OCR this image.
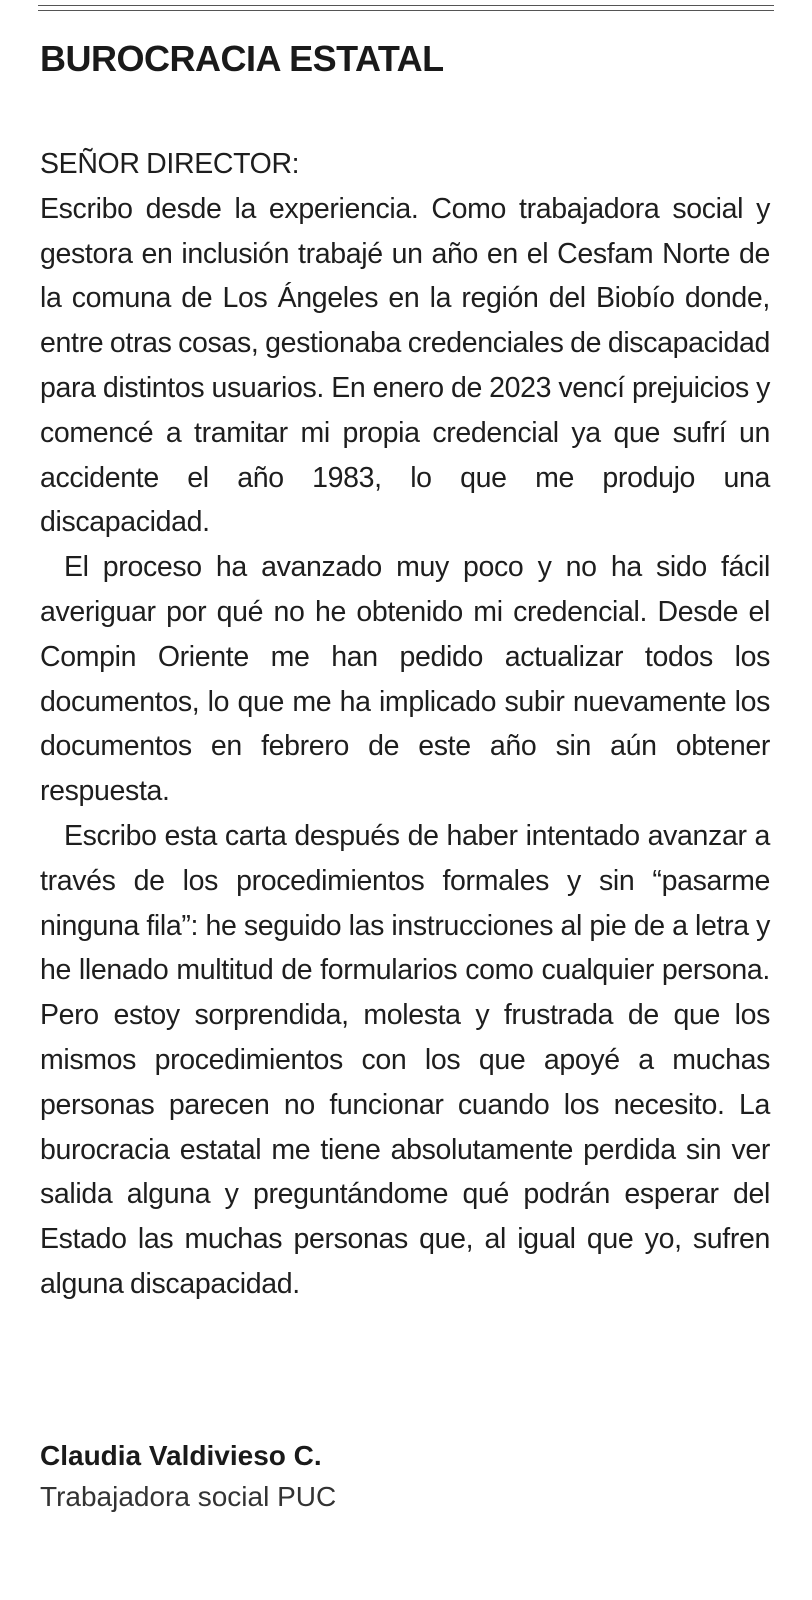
BUROCRACIA ESTATAL
SEÑOR DIRECTOR:

Escribo desde la experiencia. Como trabajadora social y gestora en inclusión trabajé un año en el Cesfam Norte de la comuna de Los Ángeles en la región del Biobío donde, entre otras cosas, gestionaba credenciales de discapacidad para distintos usuarios. En enero de 2023 vencí prejuicios y comencé a tramitar mi propia credencial ya que sufrí un accidente el año 1983, lo que me produjo una discapacidad.

El proceso ha avanzado muy poco y no ha sido fácil averiguar por qué no he obtenido mi credencial. Desde el Compin Oriente me han pedido actualizar todos los documentos, lo que me ha implicado subir nuevamente los documentos en febrero de este año sin aún obtener respuesta.

Escribo esta carta después de haber intentado avanzar a través de los procedimientos formales y sin “pasarme ninguna fila”: he seguido las instrucciones al pie de a letra y he llenado multitud de formularios como cualquier persona. Pero estoy sorprendida, molesta y frustrada de que los mismos procedimientos con los que apoyé a muchas personas parecen no funcionar cuando los necesito. La burocracia estatal me tiene absolutamente perdida sin ver salida alguna y preguntándome qué podrán esperar del Estado las muchas personas que, al igual que yo, sufren alguna discapacidad.

Claudia Valdivieso C.
Trabajadora social PUC
